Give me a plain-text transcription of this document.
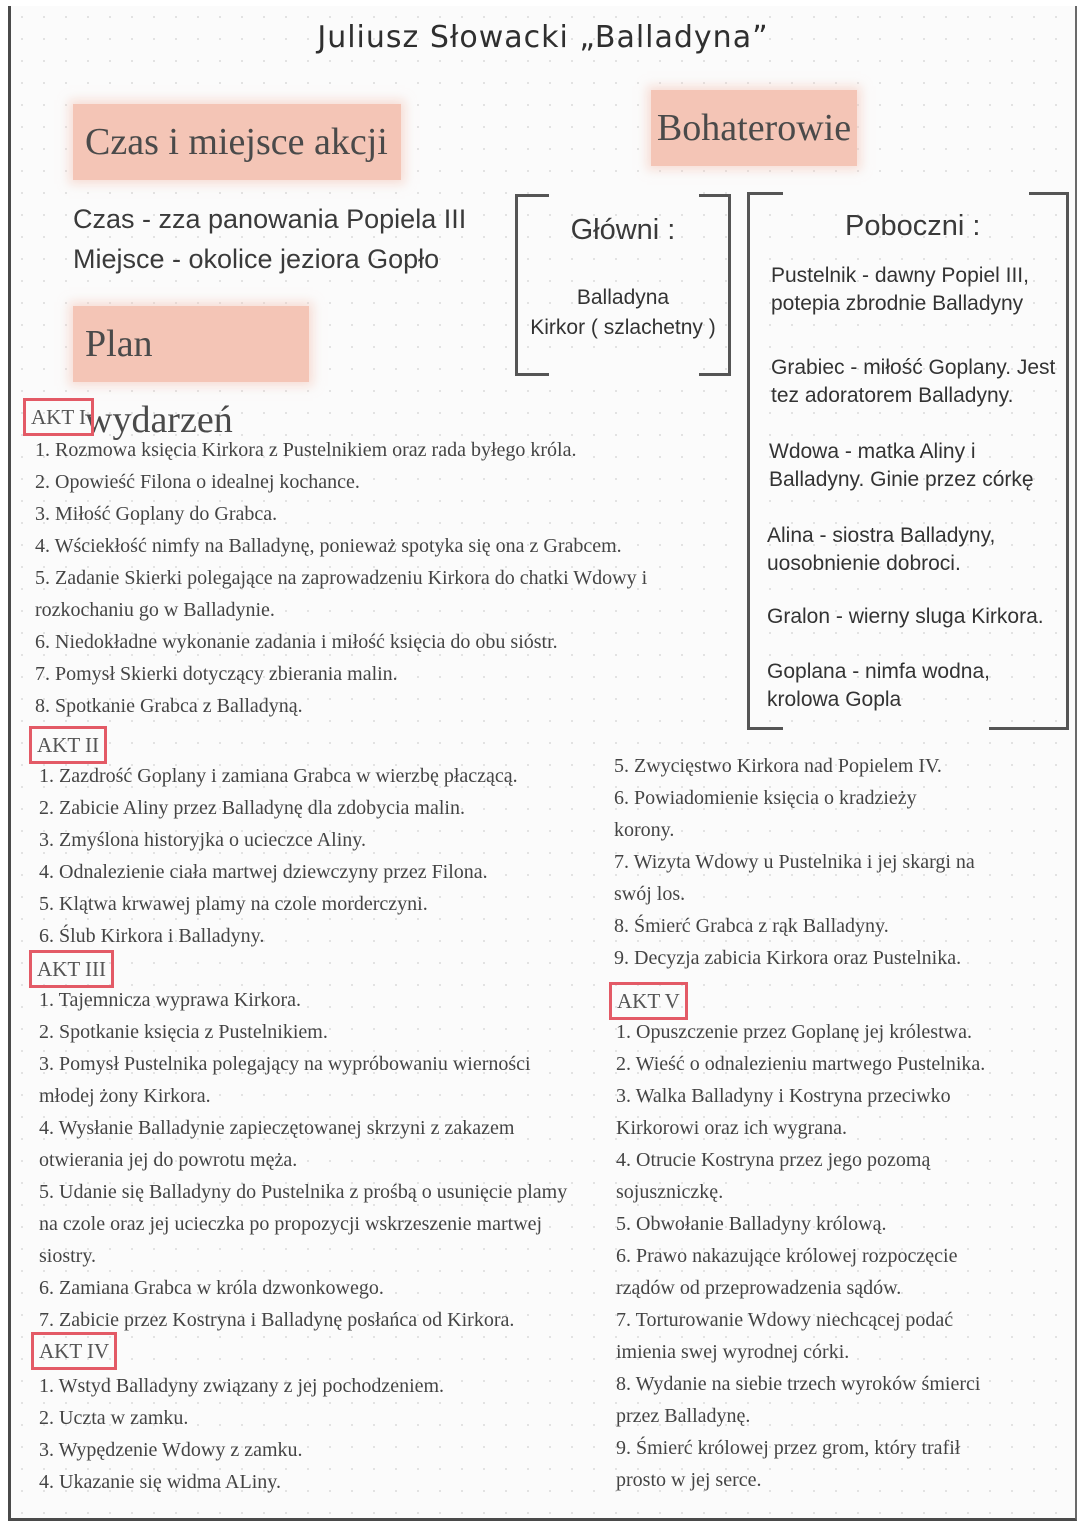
Juliusz Słowacki „Balladyna”
Czas i miejsce akcji
Czas - zza panowania Popiela III
Miejsce - okolice jeziora Gopło
Plan wydarzeń
Bohaterowie
Główni :
Balladyna
Kirkor ( szlachetny )
Poboczni :
Pustelnik - dawny Popiel III,
potepia zbrodnie Balladyny
Grabiec - miłość Goplany. Jest
tez adoratorem Balladyny.
Wdowa - matka Aliny i
Balladyny. Ginie przez córkę
Alina - siostra Balladyny,
uosobnienie dobroci.
Gralon - wierny sluga Kirkora.
Goplana - nimfa wodna,
krolowa Gopla
AKT I
1. Rozmowa księcia Kirkora z Pustelnikiem oraz rada byłego króla.
2. Opowieść Filona o idealnej kochance.
3. Miłość Goplany do Grabca.
4. Wściekłość nimfy na Balladynę, ponieważ spotyka się ona z Grabcem.
5. Zadanie Skierki polegające na zaprowadzeniu Kirkora do chatki Wdowy i
rozkochaniu go w Balladynie.
6. Niedokładne wykonanie zadania i miłość księcia do obu sióstr.
7. Pomysł Skierki dotyczący zbierania malin.
8. Spotkanie Grabca z Balladyną.
AKT II
1. Zazdrość Goplany i zamiana Grabca w wierzbę płaczącą.
2. Zabicie Aliny przez Balladynę dla zdobycia malin.
3. Zmyślona historyjka o ucieczce Aliny.
4. Odnalezienie ciała martwej dziewczyny przez Filona.
5. Klątwa krwawej plamy na czole morderczyni.
6. Ślub Kirkora i Balladyny.
AKT III
1. Tajemnicza wyprawa Kirkora.
2. Spotkanie księcia z Pustelnikiem.
3. Pomysł Pustelnika polegający na wypróbowaniu wierności
młodej żony Kirkora.
4. Wysłanie Balladynie zapieczętowanej skrzyni z zakazem
otwierania jej do powrotu męża.
5. Udanie się Balladyny do Pustelnika z prośbą o usunięcie plamy
na czole oraz jej ucieczka po propozycji wskrzeszenie martwej
siostry.
6. Zamiana Grabca w króla dzwonkowego.
7. Zabicie przez Kostryna i Balladynę posłańca od Kirkora.
AKT IV
1. Wstyd Balladyny związany z jej pochodzeniem.
2. Uczta w zamku.
3. Wypędzenie Wdowy z zamku.
4. Ukazanie się widma ALiny.
5. Zwycięstwo Kirkora nad Popielem IV.
6. Powiadomienie księcia o kradzieży
korony.
7. Wizyta Wdowy u Pustelnika i jej skargi na
swój los.
8. Śmierć Grabca z rąk Balladyny.
9. Decyzja zabicia Kirkora oraz Pustelnika.
AKT V
1. Opuszczenie przez Goplanę jej królestwa.
2. Wieść o odnalezieniu martwego Pustelnika.
3. Walka Balladyny i Kostryna przeciwko
Kirkorowi oraz ich wygrana.
4. Otrucie Kostryna przez jego pozomą
sojuszniczkę.
5. Obwołanie Balladyny królową.
6. Prawo nakazujące królowej rozpoczęcie
rządów od przeprowadzenia sądów.
7. Torturowanie Wdowy niechcącej podać
imienia swej wyrodnej córki.
8. Wydanie na siebie trzech wyroków śmierci
przez Balladynę.
9. Śmierć królowej przez grom, który trafił
prosto w jej serce.
